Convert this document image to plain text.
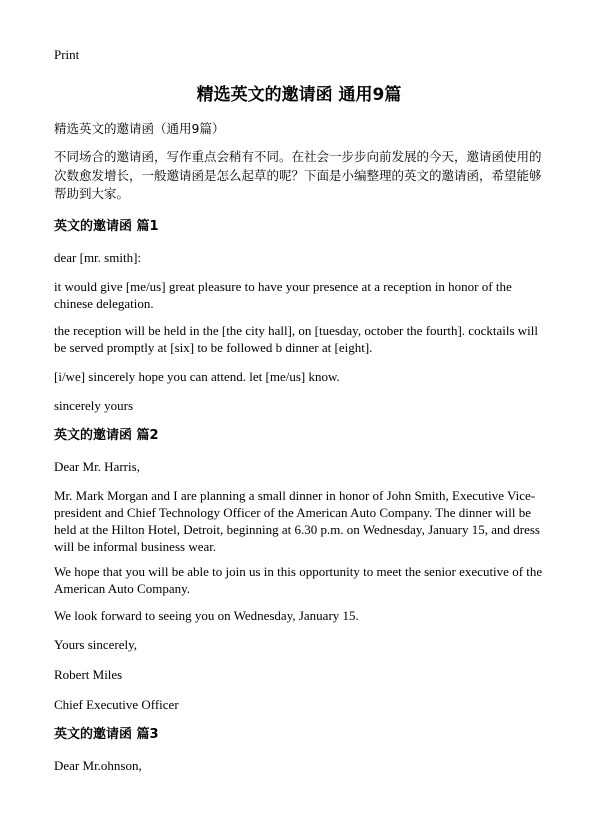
Print
精选英文的邀请函 通用9篇
精选英文的邀请函（通用9篇）
不同场合的邀请函，写作重点会稍有不同。在社会一步步向前发展的今天，邀请函使用的次数愈发增长，一般邀请函是怎么起草的呢？下面是小编整理的英文的邀请函，希望能够帮助到大家。
英文的邀请函 篇1
dear [mr. smith]:
it would give [me/us] great pleasure to have your presence at a reception in honor of the chinese delegation.
the reception will be held in the [the city hall], on [tuesday, october the fourth]. cocktails will be served promptly at [six] to be followed b dinner at [eight].
[i/we] sincerely hope you can attend. let [me/us] know.
sincerely yours
英文的邀请函 篇2
Dear Mr. Harris,
Mr. Mark Morgan and I are planning a small dinner in honor of John Smith, Executive Vice-president and Chief Technology Officer of the American Auto Company. The dinner will be held at the Hilton Hotel, Detroit, beginning at 6.30 p.m. on Wednesday, January 15, and dress will be informal business wear.
We hope that you will be able to join us in this opportunity to meet the senior executive of the American Auto Company.
We look forward to seeing you on Wednesday, January 15.
Yours sincerely,
Robert Miles
Chief Executive Officer
英文的邀请函 篇3
Dear Mr.ohnson,
